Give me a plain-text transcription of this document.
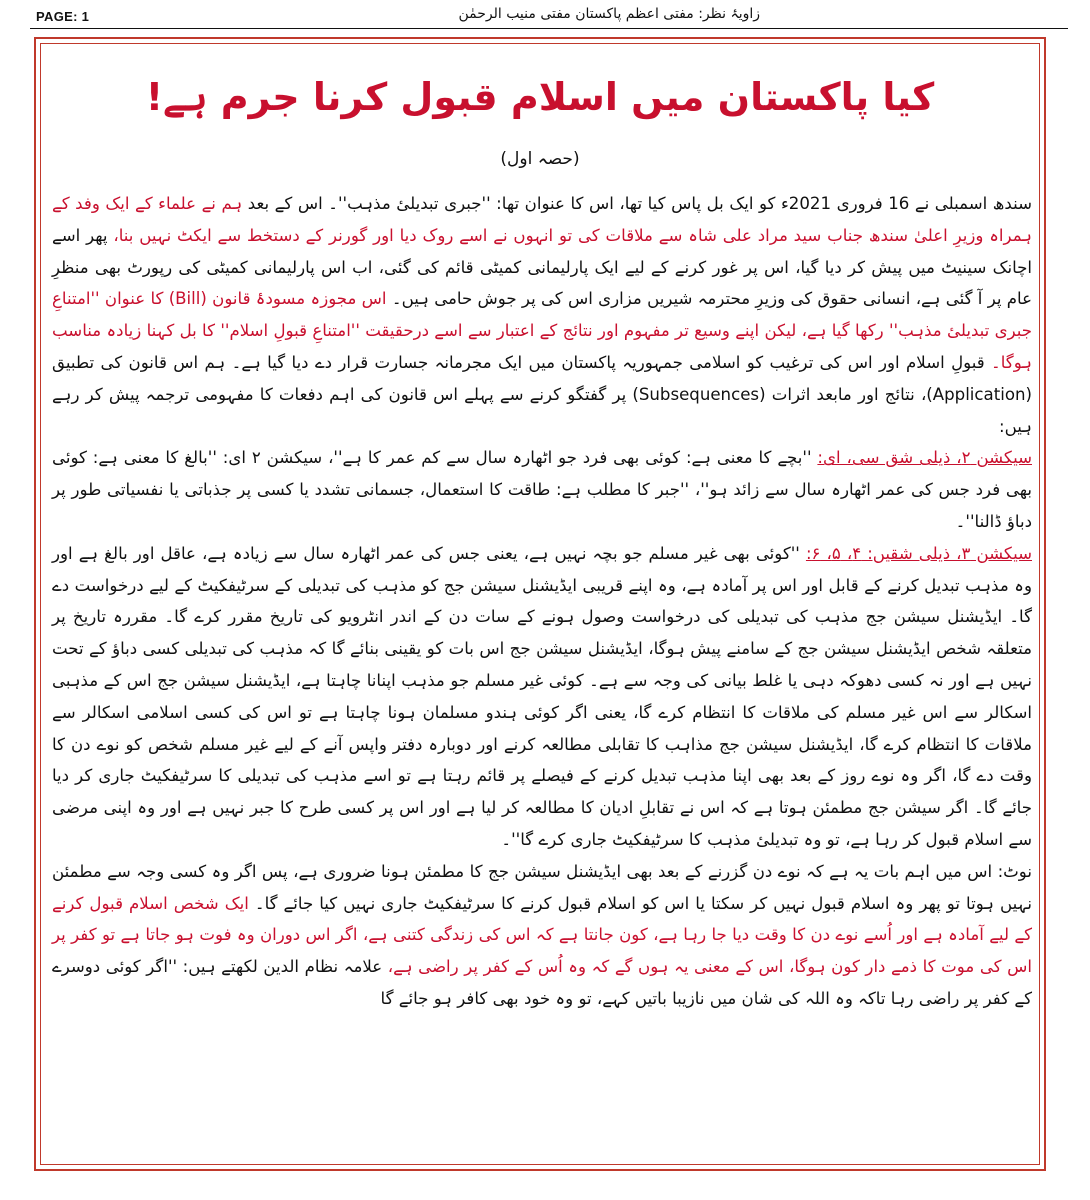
PAGE: 1	زاویۂ نظر: مفتی اعظم پاکستان مفتی منیب الرحمٰن
کیا پاکستان میں اسلام قبول کرنا جرم ہے!
(حصہ اول)

سندھ اسمبلی نے 16 فروری 2021ء کو ایک بل پاس کیا تھا، اس کا عنوان تھا: ''جبری تبدیلیٔ مذہب''۔ اس کے بعد ہم نے علماء کے ایک وفد کے ہمراہ وزیرِ اعلیٰ سندھ جناب سید مراد علی شاہ سے ملاقات کی تو انہوں نے اسے روک دیا اور گورنر کے دستخط سے ایکٹ نہیں بنا، پھر اسے اچانک سینیٹ میں پیش کر دیا گیا، اس پر غور کرنے کے لیے ایک پارلیمانی کمیٹی قائم کی گئی، اب اس پارلیمانی کمیٹی کی رپورٹ بھی منظرِ عام پر آ گئی ہے، انسانی حقوق کی وزیرِ محترمہ شیریں مزاری اس کی پر جوش حامی ہیں۔ اس مجوزہ مسودۂ قانون (Bill) کا عنوان ''امتناعِ جبری تبدیلیٔ مذہب'' رکھا گیا ہے، لیکن اپنے وسیع تر مفہوم اور نتائج کے اعتبار سے اسے درحقیقت ''امتناعِ قبولِ اسلام'' کا بل کہنا زیادہ مناسب ہوگا۔ قبولِ اسلام اور اس کی ترغیب کو اسلامی جمہوریہ پاکستان میں ایک مجرمانہ جسارت قرار دے دیا گیا ہے۔ ہم اس قانون کی تطبیق (Application)، نتائج اور مابعد اثرات (Subsequences) پر گفتگو کرنے سے پہلے اس قانون کی اہم دفعات کا مفہومی ترجمہ پیش کر رہے ہیں:

سیکشن ۲، ذیلی شق سی، ای: ''بچے کا معنی ہے: کوئی بھی فرد جو اٹھارہ سال سے کم عمر کا ہے''، سیکشن ۲ ای: ''بالغ کا معنی ہے: کوئی بھی فرد جس کی عمر اٹھارہ سال سے زائد ہو''، ''جبر کا مطلب ہے: طاقت کا استعمال، جسمانی تشدد یا کسی پر جذباتی یا نفسیاتی طور پر دباؤ ڈالنا''۔

سیکشن ۳، ذیلی شقیں: ۴، ۵، ۶: ''کوئی بھی غیر مسلم جو بچہ نہیں ہے، یعنی جس کی عمر اٹھارہ سال سے زیادہ ہے، عاقل اور بالغ ہے اور وہ مذہب تبدیل کرنے کے قابل اور اس پر آمادہ ہے، وہ اپنے قریبی ایڈیشنل سیشن جج کو مذہب کی تبدیلی کے سرٹیفکیٹ کے لیے درخواست دے گا۔ ایڈیشنل سیشن جج مذہب کی تبدیلی کی درخواست وصول ہونے کے سات دن کے اندر انٹرویو کی تاریخ مقرر کرے گا۔ مقررہ تاریخ پر متعلقہ شخص ایڈیشنل سیشن جج کے سامنے پیش ہوگا، ایڈیشنل سیشن جج اس بات کو یقینی بنائے گا کہ مذہب کی تبدیلی کسی دباؤ کے تحت نہیں ہے اور نہ کسی دھوکہ دہی یا غلط بیانی کی وجہ سے ہے۔ کوئی غیر مسلم جو مذہب اپنانا چاہتا ہے، ایڈیشنل سیشن جج اس کے مذہبی اسکالر سے اس غیر مسلم کی ملاقات کا انتظام کرے گا، یعنی اگر کوئی ہندو مسلمان ہونا چاہتا ہے تو اس کی کسی اسلامی اسکالر سے ملاقات کا انتظام کرے گا، ایڈیشنل سیشن جج مذاہب کا تقابلی مطالعہ کرنے اور دوبارہ دفتر واپس آنے کے لیے غیر مسلم شخص کو نوے دن کا وقت دے گا، اگر وہ نوے روز کے بعد بھی اپنا مذہب تبدیل کرنے کے فیصلے پر قائم رہتا ہے تو اسے مذہب کی تبدیلی کا سرٹیفکیٹ جاری کر دیا جائے گا۔ اگر سیشن جج مطمئن ہوتا ہے کہ اس نے تقابلِ ادیان کا مطالعہ کر لیا ہے اور اس پر کسی طرح کا جبر نہیں ہے اور وہ اپنی مرضی سے اسلام قبول کر رہا ہے، تو وہ تبدیلیٔ مذہب کا سرٹیفکیٹ جاری کرے گا''۔

نوٹ: اس میں اہم بات یہ ہے کہ نوے دن گزرنے کے بعد بھی ایڈیشنل سیشن جج کا مطمئن ہونا ضروری ہے، پس اگر وہ کسی وجہ سے مطمئن نہیں ہوتا تو پھر وہ اسلام قبول نہیں کر سکتا یا اس کو اسلام قبول کرنے کا سرٹیفکیٹ جاری نہیں کیا جائے گا۔ ایک شخص اسلام قبول کرنے کے لیے آمادہ ہے اور اُسے نوے دن کا وقت دیا جا رہا ہے، کون جانتا ہے کہ اس کی زندگی کتنی ہے، اگر اس دوران وہ فوت ہو جاتا ہے تو کفر پر اس کی موت کا ذمے دار کون ہوگا، اس کے معنی یہ ہوں گے کہ وہ اُس کے کفر پر راضی ہے، علامہ نظام الدین لکھتے ہیں: ''اگر کوئی دوسرے کے کفر پر راضی رہا تاکہ وہ اللہ کی شان میں نازیبا باتیں کہے، تو وہ خود بھی کافر ہو جائے گا
